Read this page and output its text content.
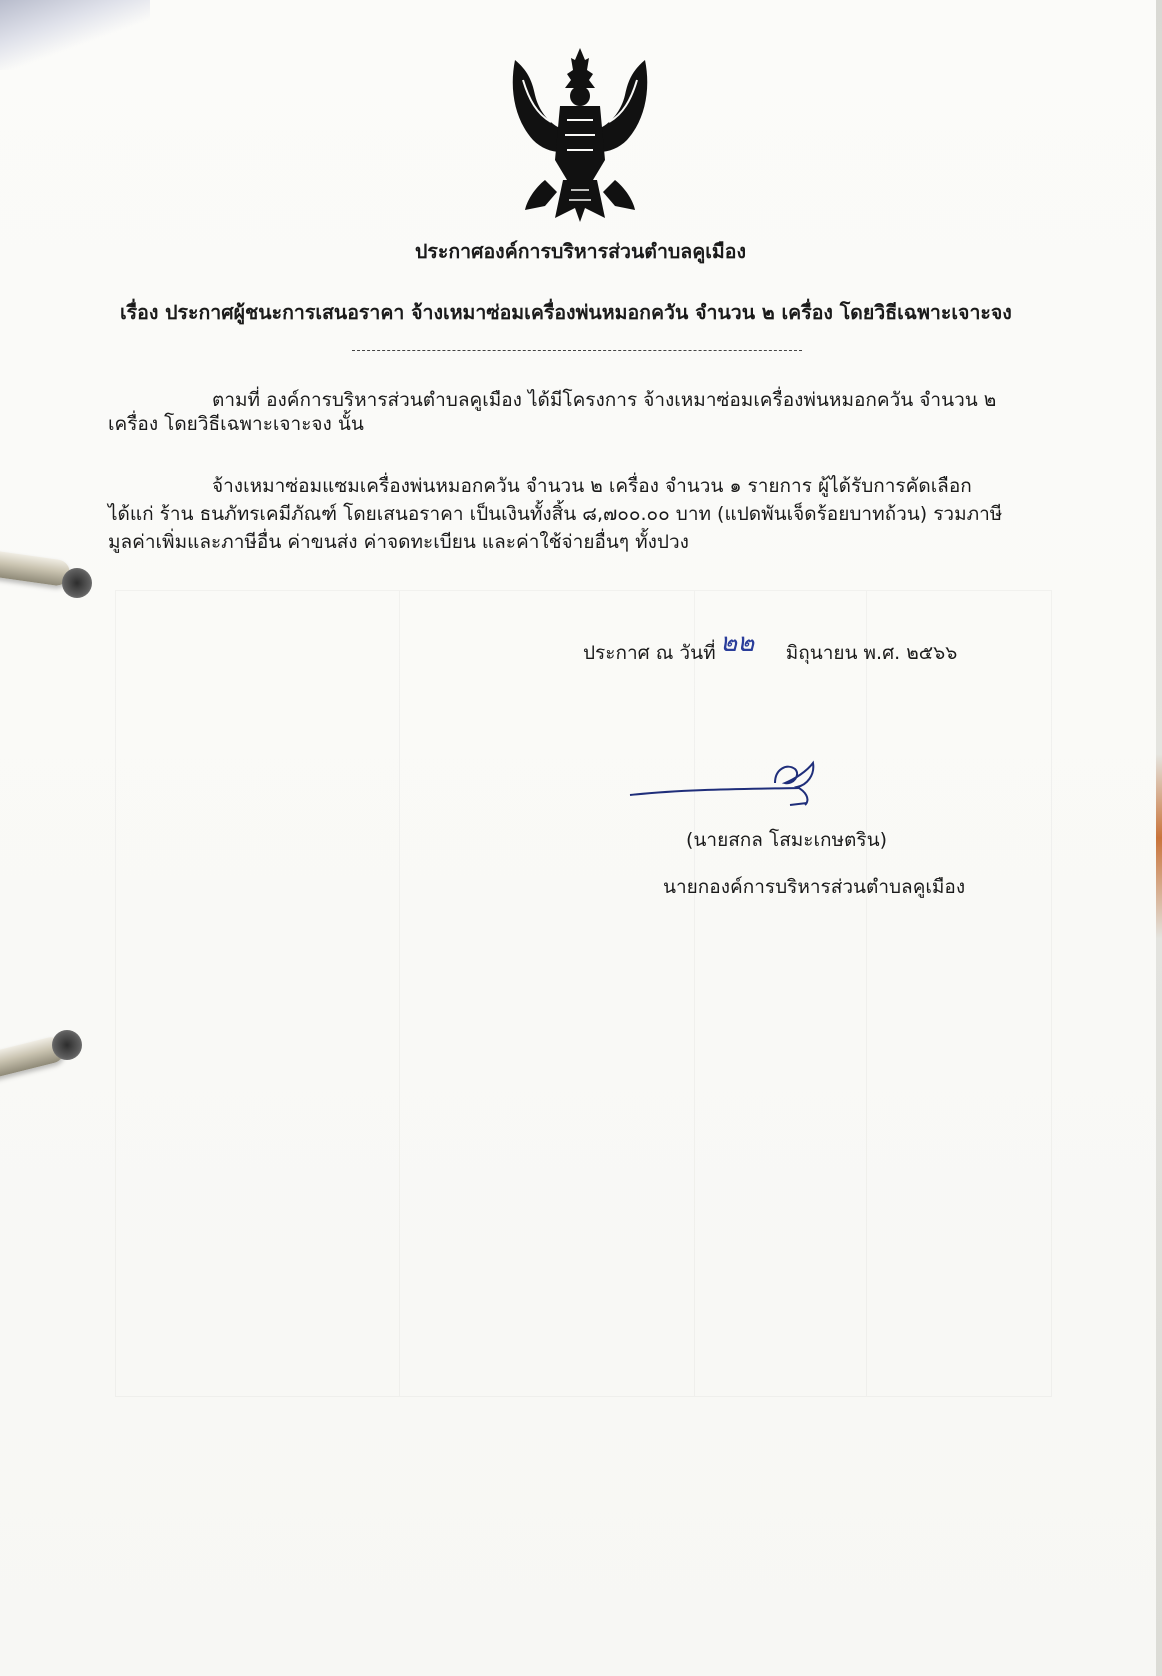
ประกาศองค์การบริหารส่วนตำบลคูเมือง
เรื่อง ประกาศผู้ชนะการเสนอราคา จ้างเหมาซ่อมเครื่องพ่นหมอกควัน จำนวน ๒ เครื่อง โดยวิธีเฉพาะเจาะจง
ตามที่ องค์การบริหารส่วนตำบลคูเมือง ได้มีโครงการ จ้างเหมาซ่อมเครื่องพ่นหมอกควัน จำนวน ๒
เครื่อง โดยวิธีเฉพาะเจาะจง นั้น
จ้างเหมาซ่อมแซมเครื่องพ่นหมอกควัน จำนวน ๒ เครื่อง จำนวน ๑ รายการ ผู้ได้รับการคัดเลือก
ได้แก่ ร้าน ธนภัทรเคมีภัณฑ์ โดยเสนอราคา เป็นเงินทั้งสิ้น ๘,๗๐๐.๐๐ บาท (แปดพันเจ็ดร้อยบาทถ้วน) รวมภาษี
มูลค่าเพิ่มและภาษีอื่น ค่าขนส่ง ค่าจดทะเบียน และค่าใช้จ่ายอื่นๆ ทั้งปวง
ประกาศ ณ วันที่	มิถุนายน พ.ศ. ๒๕๖๖
๒๒
(นายสกล โสมะเกษตริน)
นายกองค์การบริหารส่วนตำบลคูเมือง
